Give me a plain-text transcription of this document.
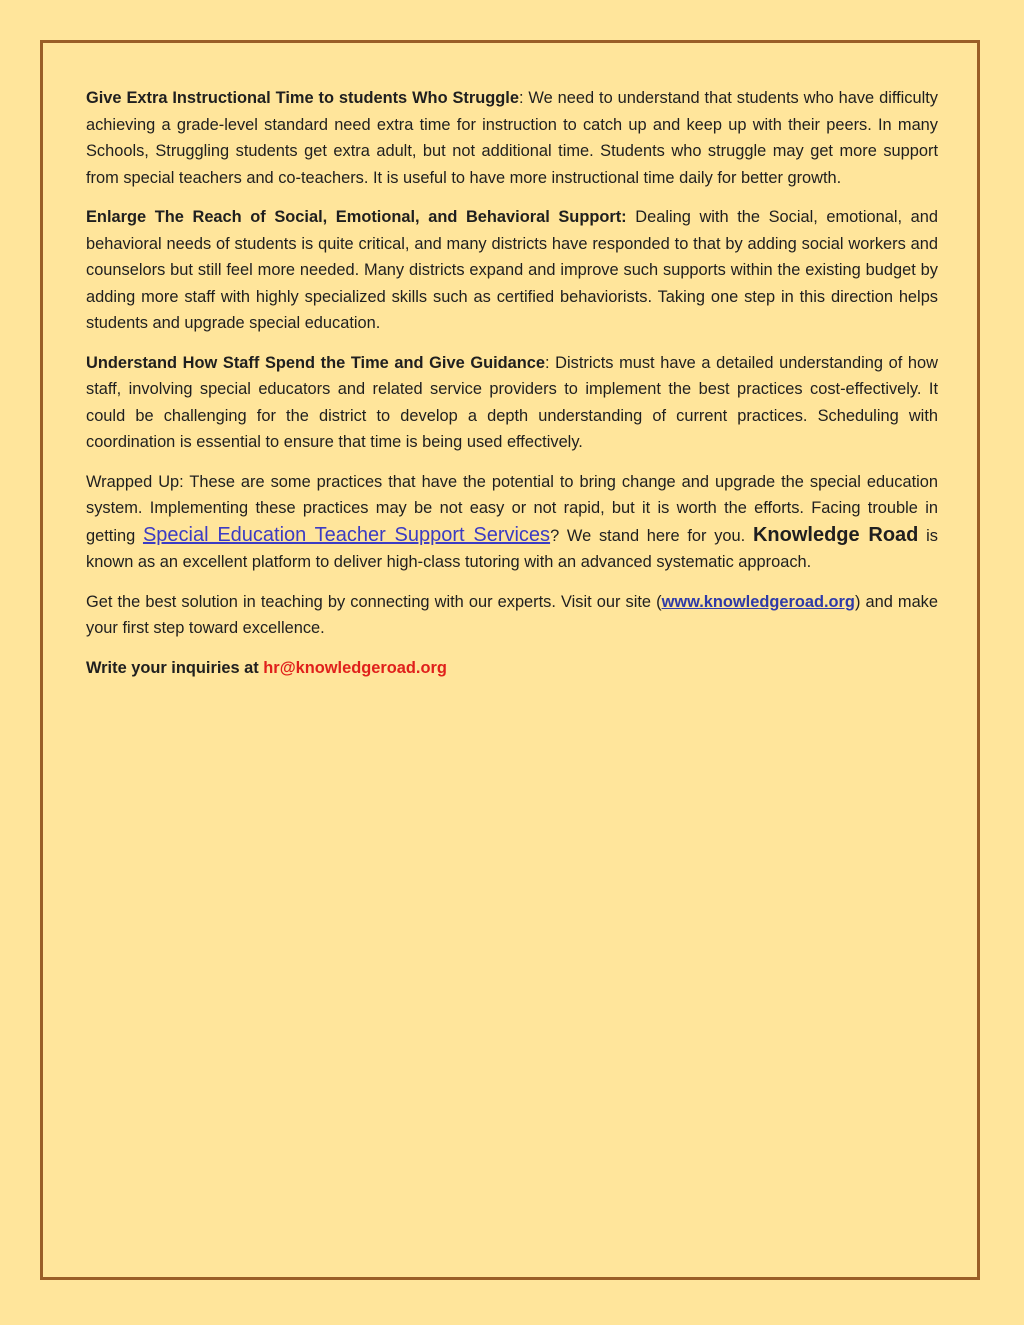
Give Extra Instructional Time to students Who Struggle: We need to understand that students who have difficulty achieving a grade-level standard need extra time for instruction to catch up and keep up with their peers. In many Schools, Struggling students get extra adult, but not additional time. Students who struggle may get more support from special teachers and co-teachers. It is useful to have more instructional time daily for better growth.

Enlarge The Reach of Social, Emotional, and Behavioral Support: Dealing with the Social, emotional, and behavioral needs of students is quite critical, and many districts have responded to that by adding social workers and counselors but still feel more needed. Many districts expand and improve such supports within the existing budget by adding more staff with highly specialized skills such as certified behaviorists. Taking one step in this direction helps students and upgrade special education.

Understand How Staff Spend the Time and Give Guidance: Districts must have a detailed understanding of how staff, involving special educators and related service providers to implement the best practices cost-effectively. It could be challenging for the district to develop a depth understanding of current practices. Scheduling with coordination is essential to ensure that time is being used effectively.

Wrapped Up: These are some practices that have the potential to bring change and upgrade the special education system. Implementing these practices may be not easy or not rapid, but it is worth the efforts. Facing trouble in getting Special Education Teacher Support Services? We stand here for you. Knowledge Road is known as an excellent platform to deliver high-class tutoring with an advanced systematic approach.

Get the best solution in teaching by connecting with our experts. Visit our site (www.knowledgeroad.org) and make your first step toward excellence.

Write your inquiries at hr@knowledgeroad.org
